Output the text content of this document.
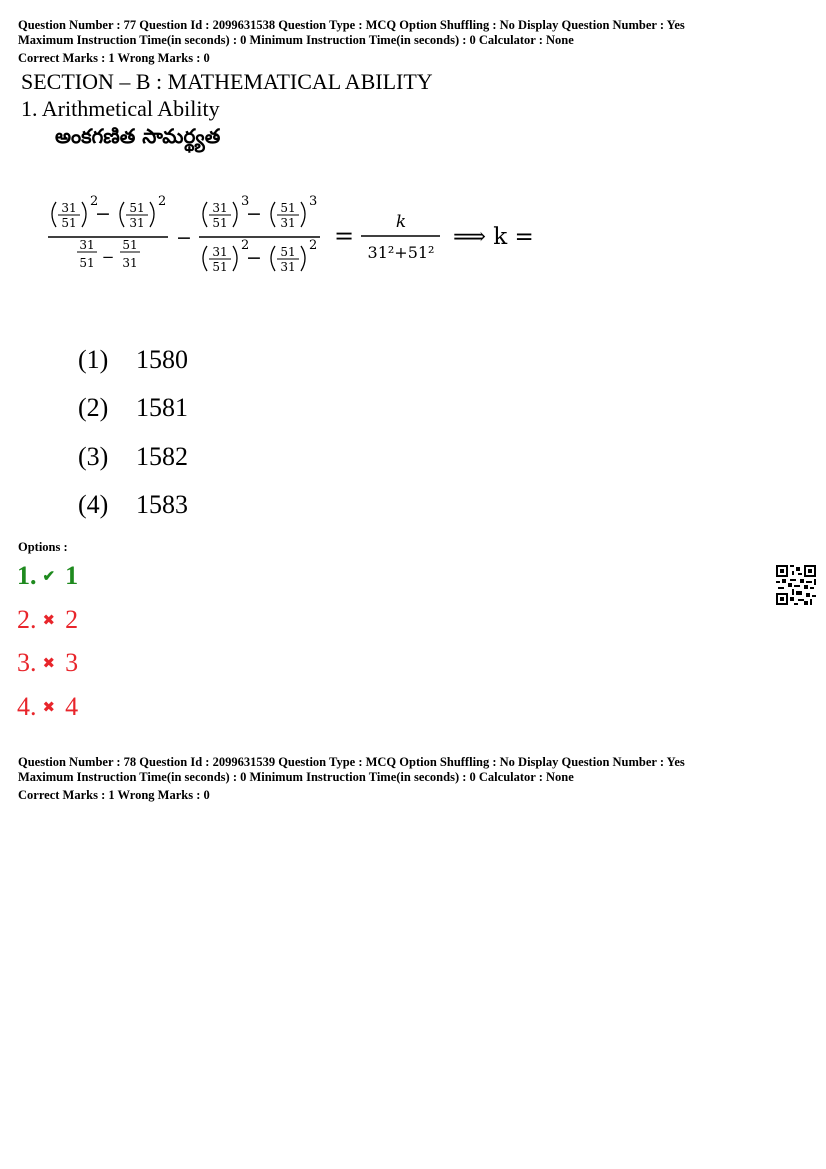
Question Number : 77 Question Id : 2099631538 Question Type : MCQ Option Shuffling : No Display Question Number : Yes
Maximum Instruction Time(in seconds) : 0 Minimum Instruction Time(in seconds) : 0 Calculator : None
Correct Marks : 1 Wrong Marks : 0
SECTION – B : MATHEMATICAL ABILITY
1. Arithmetical Ability
అంకగణిత సామర్థ్యత
31
51
51
31
31
51
51
31
31
51
51
31
31
51
51
31
2	2	3	3
2	2
−	−
−
−
−
= k
31²+51²
⟹ k =
(1) 1580
(2) 1581
(3) 1582
(4) 1583
Options :
1. ✔ 1
2. ✖ 2
3. ✖ 3
4. ✖ 4
Question Number : 78 Question Id : 2099631539 Question Type : MCQ Option Shuffling : No Display Question Number : Yes
Maximum Instruction Time(in seconds) : 0 Minimum Instruction Time(in seconds) : 0 Calculator : None
Correct Marks : 1 Wrong Marks : 0
